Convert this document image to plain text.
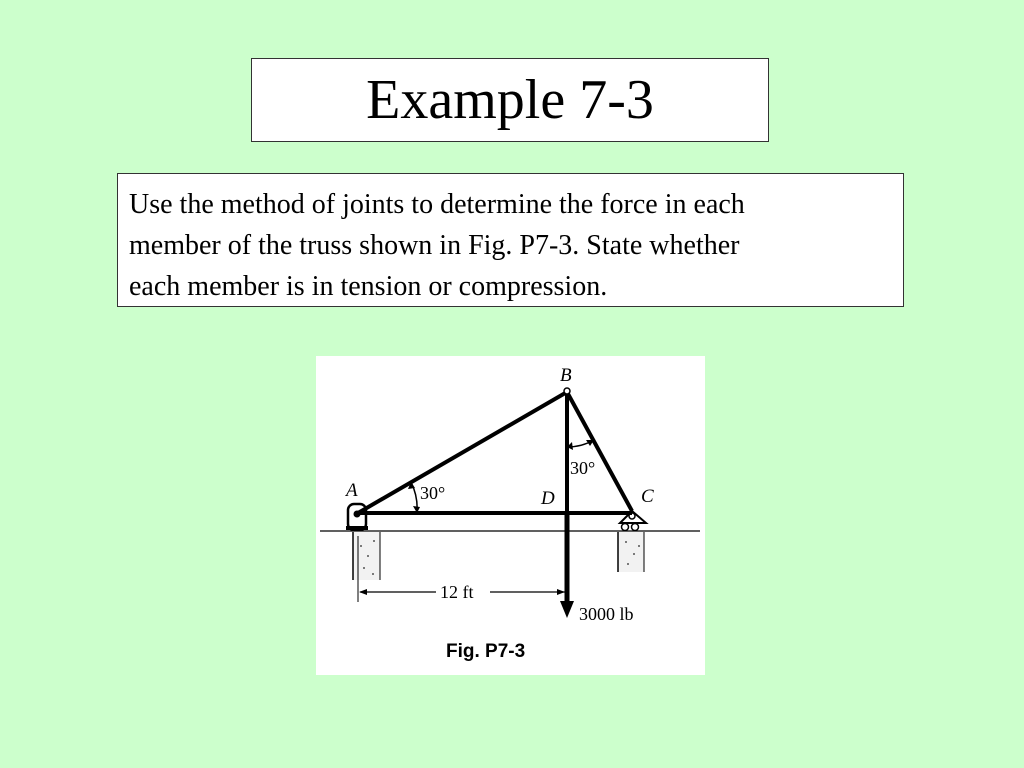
Example 7-3

Use the method of joints to determine the force in each
member of the truss shown in Fig. P7-3. State whether
each member is in tension or compression.

A
B
C
D
30°
30°
12 ft
3000 lb
Fig. P7-3
